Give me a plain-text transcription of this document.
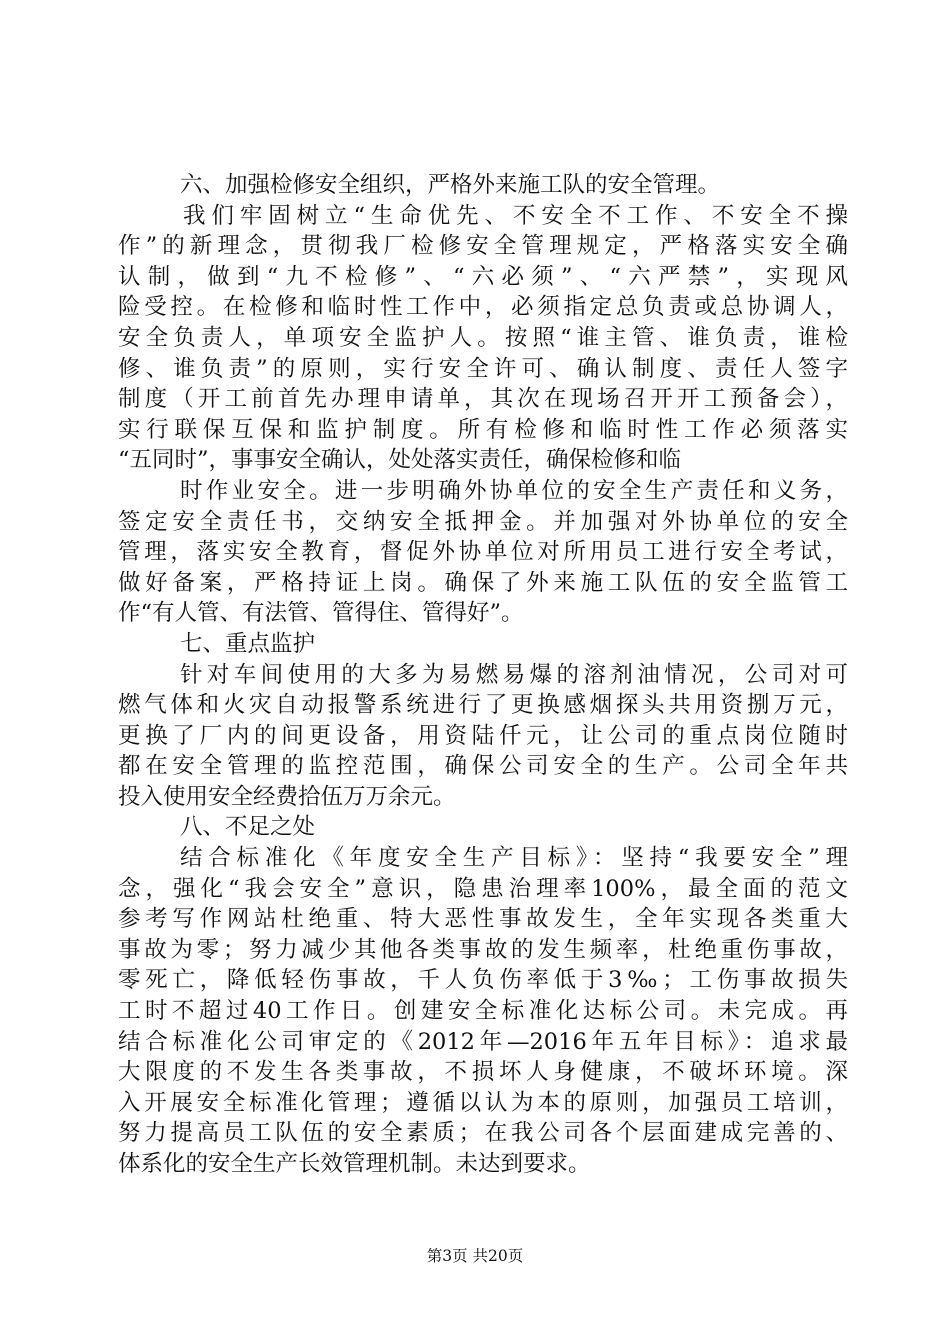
六、加强检修安全组织，严格外来施工队的安全管理。
我们牢固树立“生命优先、不安全不工作、不安全不操
作”的新理念，贯彻我厂检修安全管理规定，严格落实安全确
认制，做到“九不检修”、“六必须”、“六严禁”，实现风
险受控。在检修和临时性工作中，必须指定总负责或总协调人，
安全负责人，单项安全监护人。按照“谁主管、谁负责，谁检
修、谁负责”的原则，实行安全许可、确认制度、责任人签字
制度（开工前首先办理申请单，其次在现场召开开工预备会），
实行联保互保和监护制度。所有检修和临时性工作必须落实
“五同时”，事事安全确认，处处落实责任，确保检修和临
时作业安全。进一步明确外协单位的安全生产责任和义务，
签定安全责任书，交纳安全抵押金。并加强对外协单位的安全
管理，落实安全教育，督促外协单位对所用员工进行安全考试，
做好备案，严格持证上岗。确保了外来施工队伍的安全监管工
作“有人管、有法管、管得住、管得好”。
七、重点监护
针对车间使用的大多为易燃易爆的溶剂油情况，公司对可
燃气体和火灾自动报警系统进行了更换感烟探头共用资捌万元，
更换了厂内的间更设备，用资陆仟元，让公司的重点岗位随时
都在安全管理的监控范围，确保公司安全的生产。公司全年共
投入使用安全经费拾伍万万余元。
八、不足之处
结合标准化《年度安全生产目标》：坚持“我要安全”理
念，强化“我会安全”意识，隐患治理率100%，最全面的范文
参考写作网站杜绝重、特大恶性事故发生，全年实现各类重大
事故为零；努力减少其他各类事故的发生频率，杜绝重伤事故，
零死亡，降低轻伤事故，千人负伤率低于3‰；工伤事故损失
工时不超过40工作日。创建安全标准化达标公司。未完成。再
结合标准化公司审定的《2012年—2016年五年目标》：追求最
大限度的不发生各类事故，不损坏人身健康，不破坏环境。深
入开展安全标准化管理；遵循以认为本的原则，加强员工培训，
努力提高员工队伍的安全素质；在我公司各个层面建成完善的、
体系化的安全生产长效管理机制。未达到要求。
第3页 共20页
